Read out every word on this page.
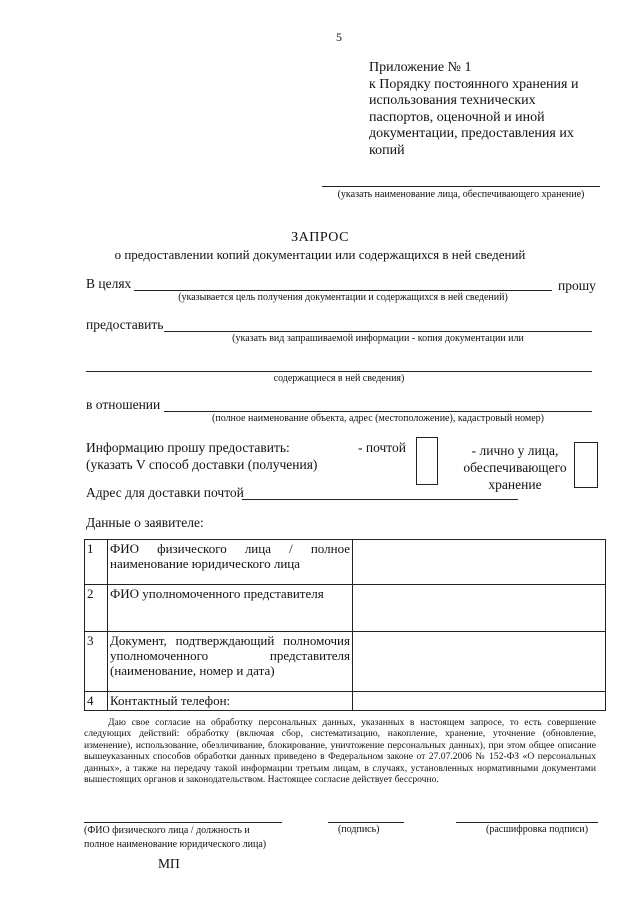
5
Приложение № 1
к Порядку постоянного хранения и
использования технических
паспортов, оценочной и иной
документации, предоставления их
копий
(указать наименование лица, обеспечивающего хранение)
ЗАПРОС
о предоставлении копий документации или содержащихся в ней сведений
В целях	прошу
(указывается цель получения документации и содержащихся в ней сведений)
предоставить
(указать вид запрашиваемой информации - копия документации или
содержащиеся в ней сведения)
в отношении
(полное наименование объекта, адрес (местоположение), кадастровый номер)
Информацию прошу предоставить:
(указать V способ доставки (получения)
- почтой	- лично у лица,
обеспечивающего
хранение
Адрес для доставки почтой
Данные о заявителе:
1	ФИО физического лица / полное наименование юридического лица	
2	ФИО уполномоченного представителя	
3	Документ, подтверждающий полномочия уполномоченного представителя (наименование, номер и дата)	
4	Контактный телефон:	
Даю свое согласие на обработку персональных данных, указанных в настоящем запросе, то есть совершение следующих действий: обработку (включая сбор, систематизацию, накопление, хранение, уточнение (обновление, изменение), использование, обезличивание, блокирование, уничтожение персональных данных), при этом общее описание вышеуказанных способов обработки данных приведено в Федеральном законе от 27.07.2006 № 152-ФЗ «О персональных данных», а также на передачу такой информации третьим лицам, в случаях, установленных нормативными документами вышестоящих органов и законодательством. Настоящее согласие действует бессрочно.
(ФИО физического лица / должность и
полное наименование юридического лица)
(подпись)	(расшифровка подписи)
МП
